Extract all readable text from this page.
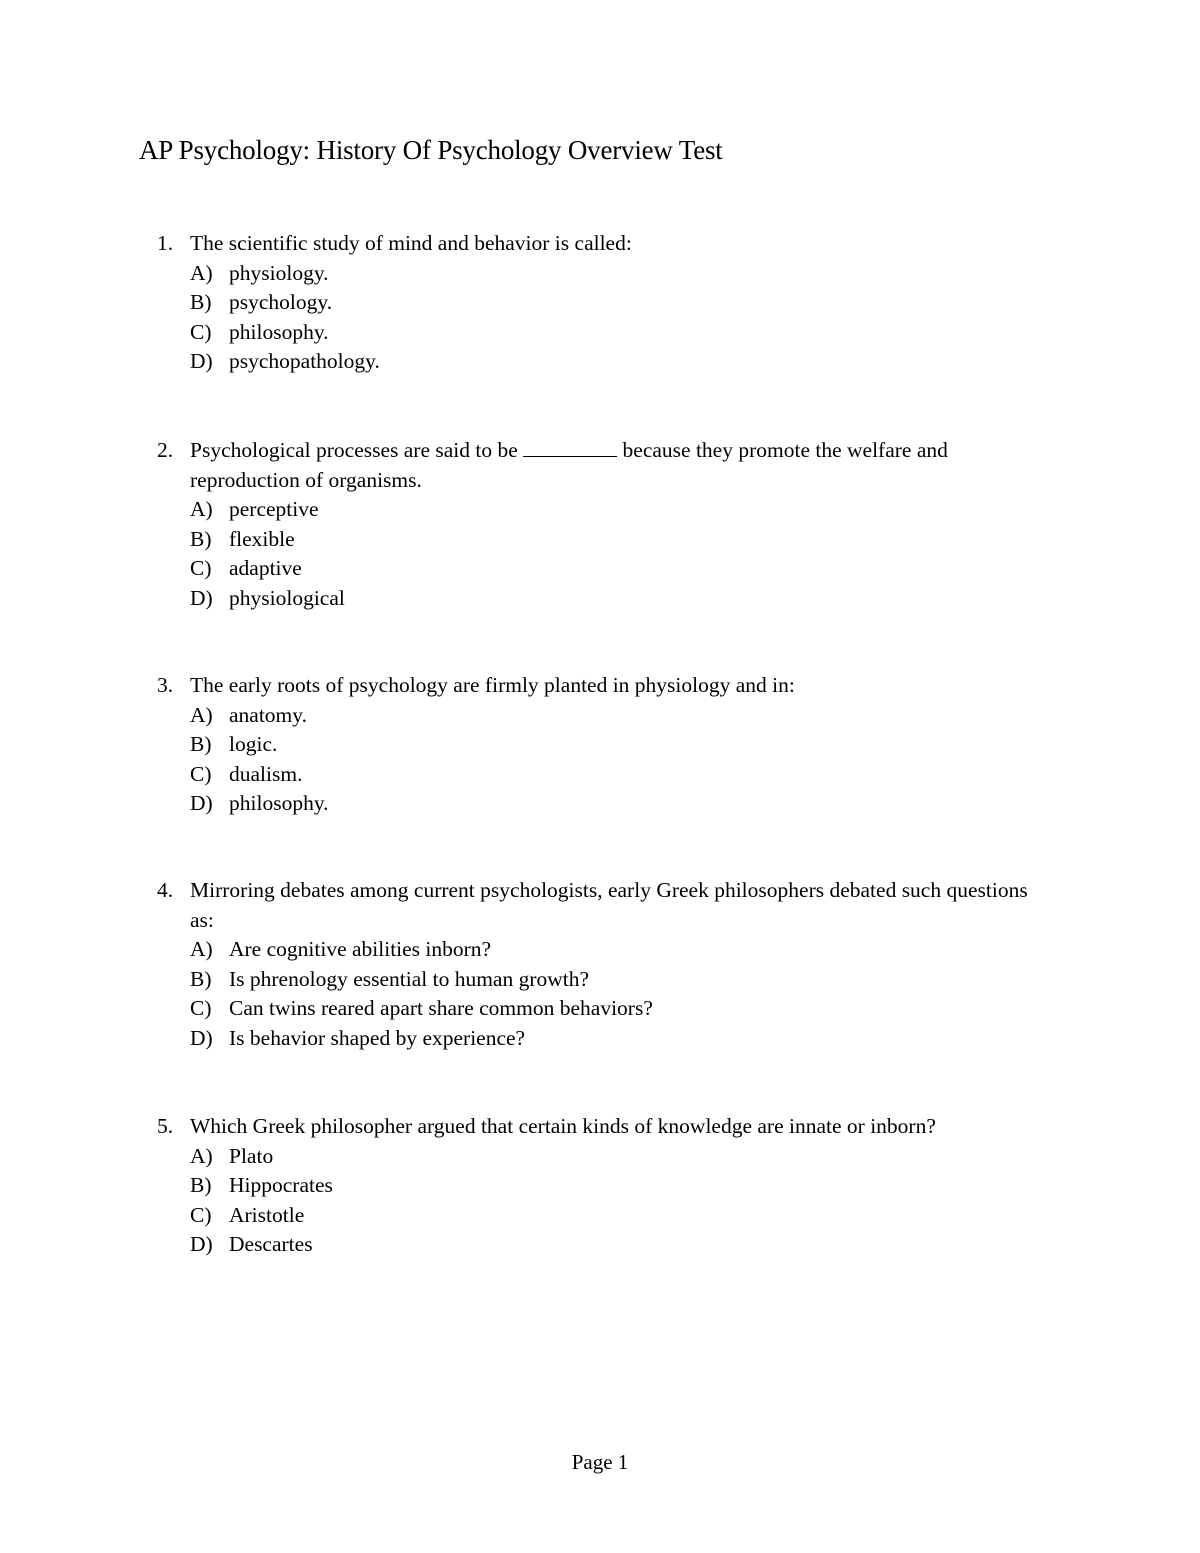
AP Psychology: History Of Psychology Overview Test
1. The scientific study of mind and behavior is called:
A) physiology.
B) psychology.
C) philosophy.
D) psychopathology.
2. Psychological processes are said to be	because they promote the welfare and reproduction of organisms.
A) perceptive
B) flexible
C) adaptive
D) physiological
3. The early roots of psychology are firmly planted in physiology and in:
A) anatomy.
B) logic.
C) dualism.
D) philosophy.
4. Mirroring debates among current psychologists, early Greek philosophers debated such questions as:
A) Are cognitive abilities inborn?
B) Is phrenology essential to human growth?
C) Can twins reared apart share common behaviors?
D) Is behavior shaped by experience?
5. Which Greek philosopher argued that certain kinds of knowledge are innate or inborn?
A) Plato
B) Hippocrates
C) Aristotle
D) Descartes
Page 1
